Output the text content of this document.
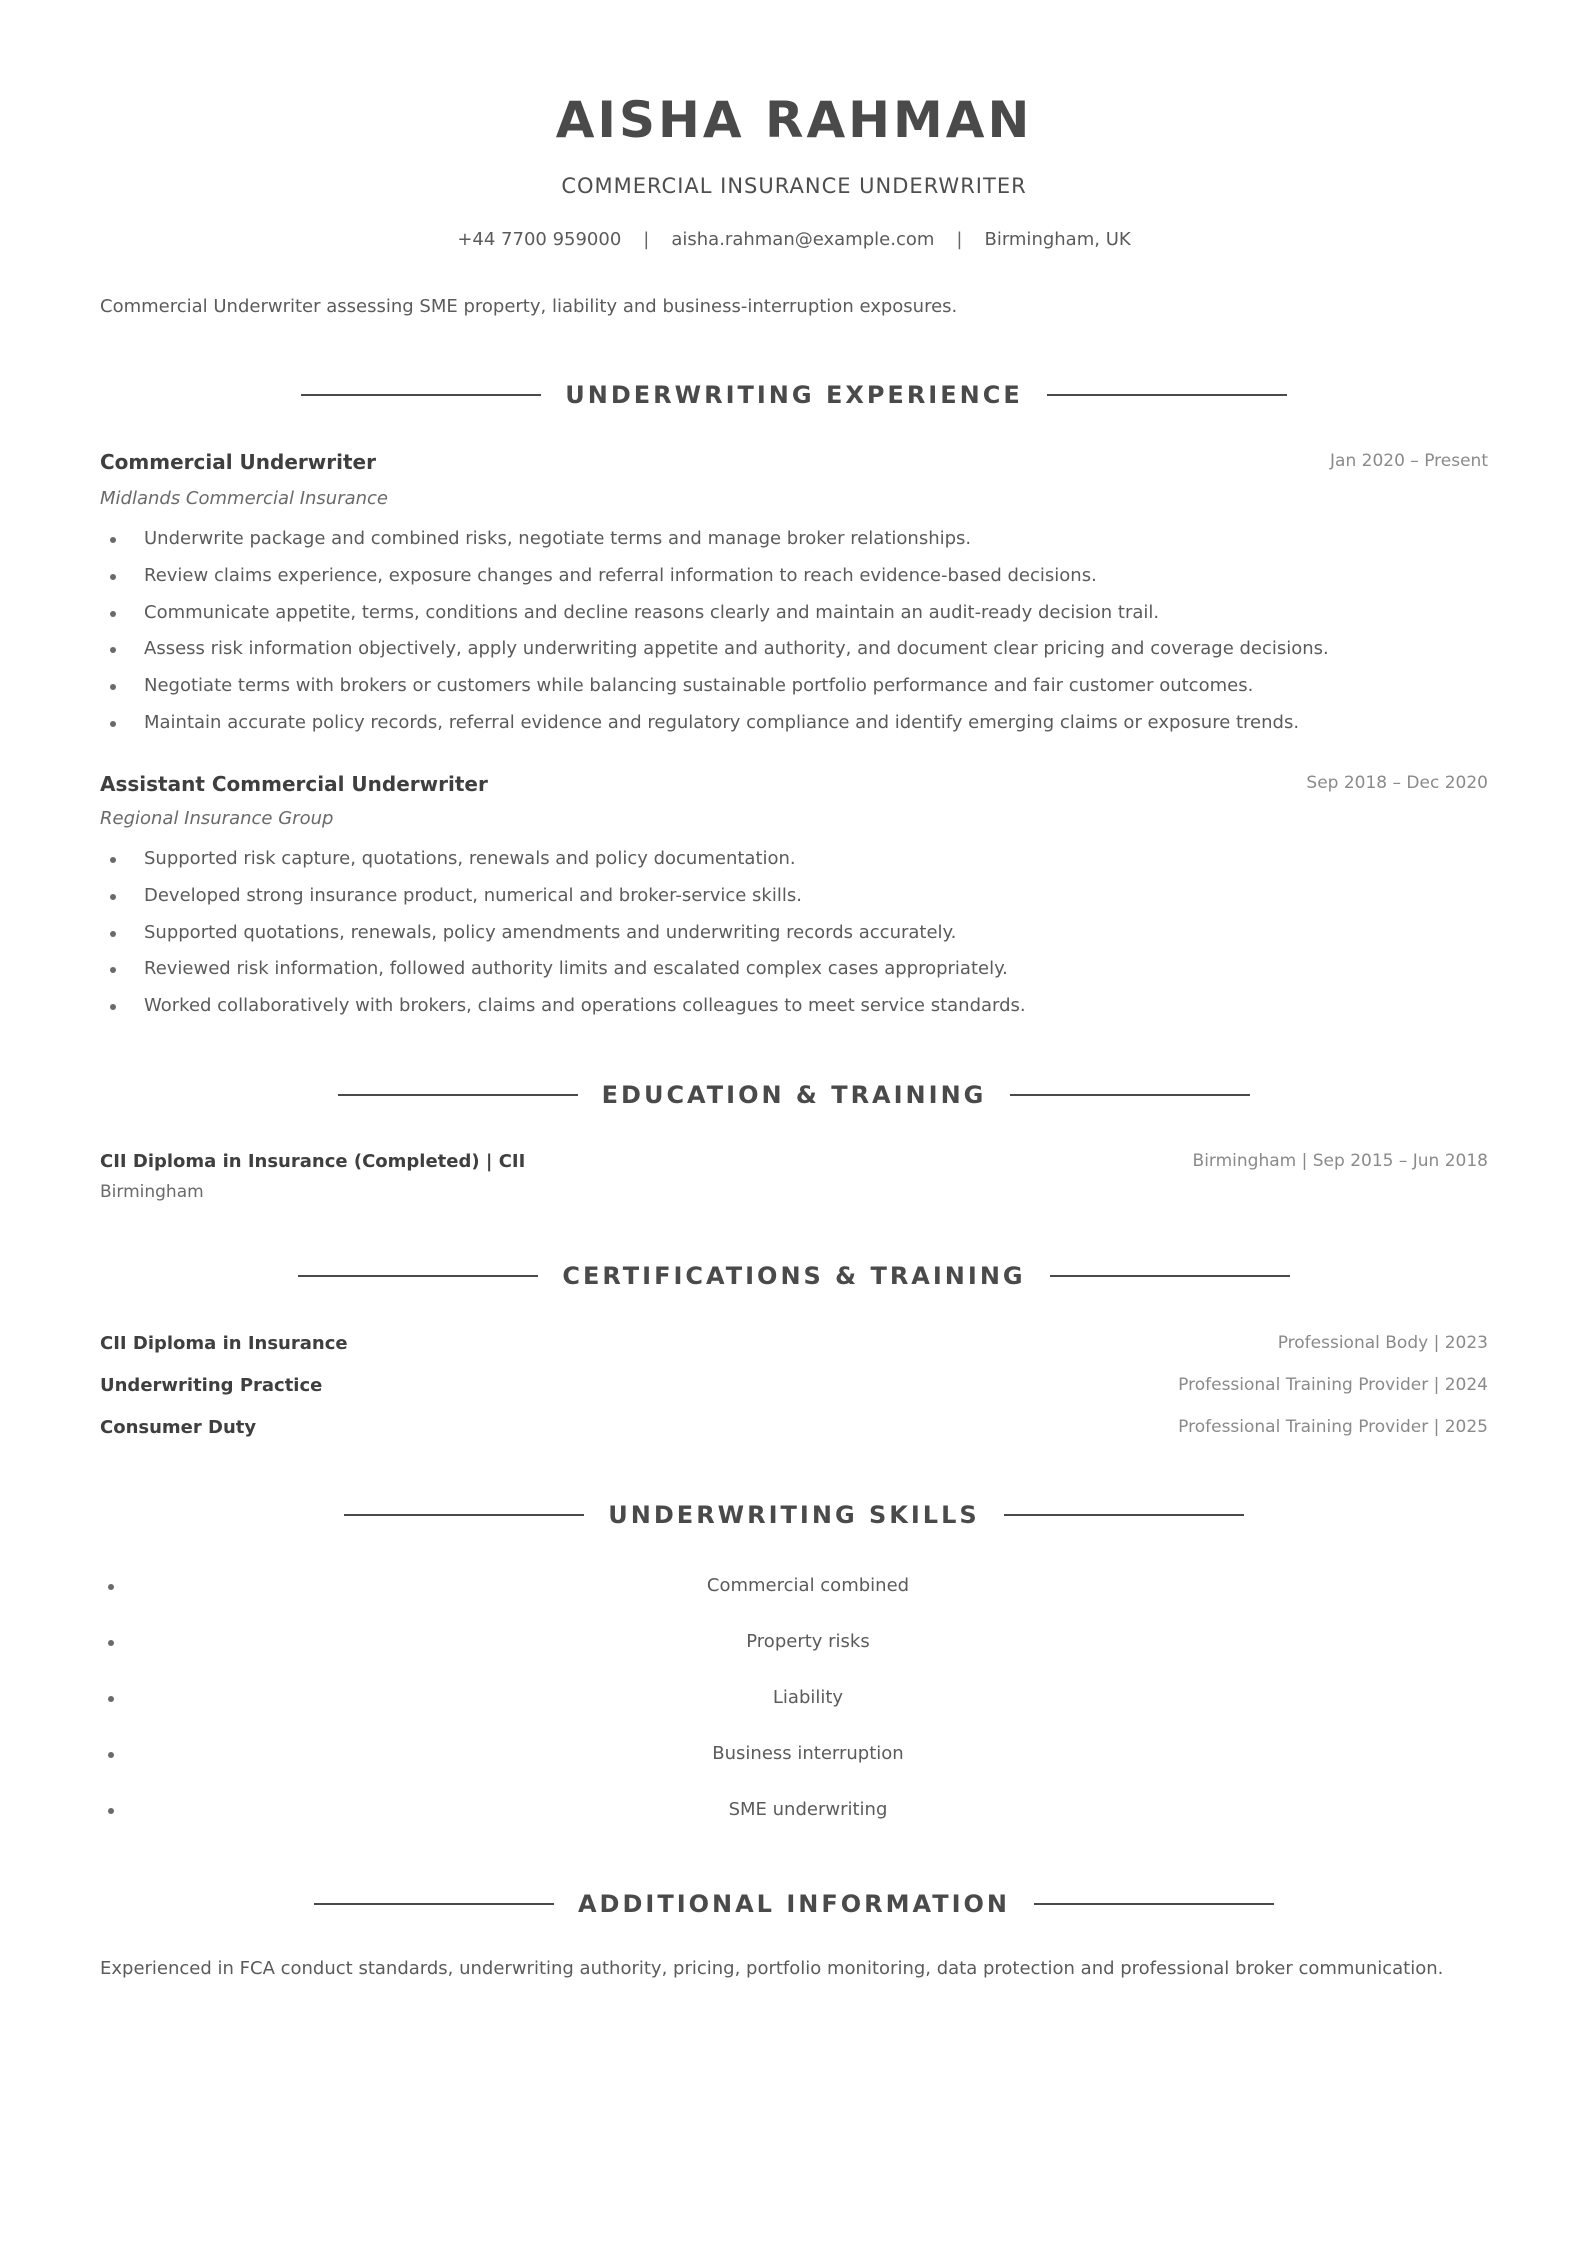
AISHA RAHMAN
COMMERCIAL INSURANCE UNDERWRITER
+44 7700 959000 | aisha.rahman@example.com | Birmingham, UK
Commercial Underwriter assessing SME property, liability and business-interruption exposures.
UNDERWRITING EXPERIENCE
Commercial Underwriter	Jan 2020 – Present
Midlands Commercial Insurance
Underwrite package and combined risks, negotiate terms and manage broker relationships.
Review claims experience, exposure changes and referral information to reach evidence-based decisions.
Communicate appetite, terms, conditions and decline reasons clearly and maintain an audit-ready decision trail.
Assess risk information objectively, apply underwriting appetite and authority, and document clear pricing and coverage decisions.
Negotiate terms with brokers or customers while balancing sustainable portfolio performance and fair customer outcomes.
Maintain accurate policy records, referral evidence and regulatory compliance and identify emerging claims or exposure trends.
Assistant Commercial Underwriter	Sep 2018 – Dec 2020
Regional Insurance Group
Supported risk capture, quotations, renewals and policy documentation.
Developed strong insurance product, numerical and broker-service skills.
Supported quotations, renewals, policy amendments and underwriting records accurately.
Reviewed risk information, followed authority limits and escalated complex cases appropriately.
Worked collaboratively with brokers, claims and operations colleagues to meet service standards.
EDUCATION & TRAINING
CII Diploma in Insurance (Completed) | CII	Birmingham | Sep 2015 – Jun 2018
Birmingham
CERTIFICATIONS & TRAINING
CII Diploma in Insurance	Professional Body | 2023
Underwriting Practice	Professional Training Provider | 2024
Consumer Duty	Professional Training Provider | 2025
UNDERWRITING SKILLS
Commercial combined
Property risks
Liability
Business interruption
SME underwriting
ADDITIONAL INFORMATION
Experienced in FCA conduct standards, underwriting authority, pricing, portfolio monitoring, data protection and professional broker communication.
